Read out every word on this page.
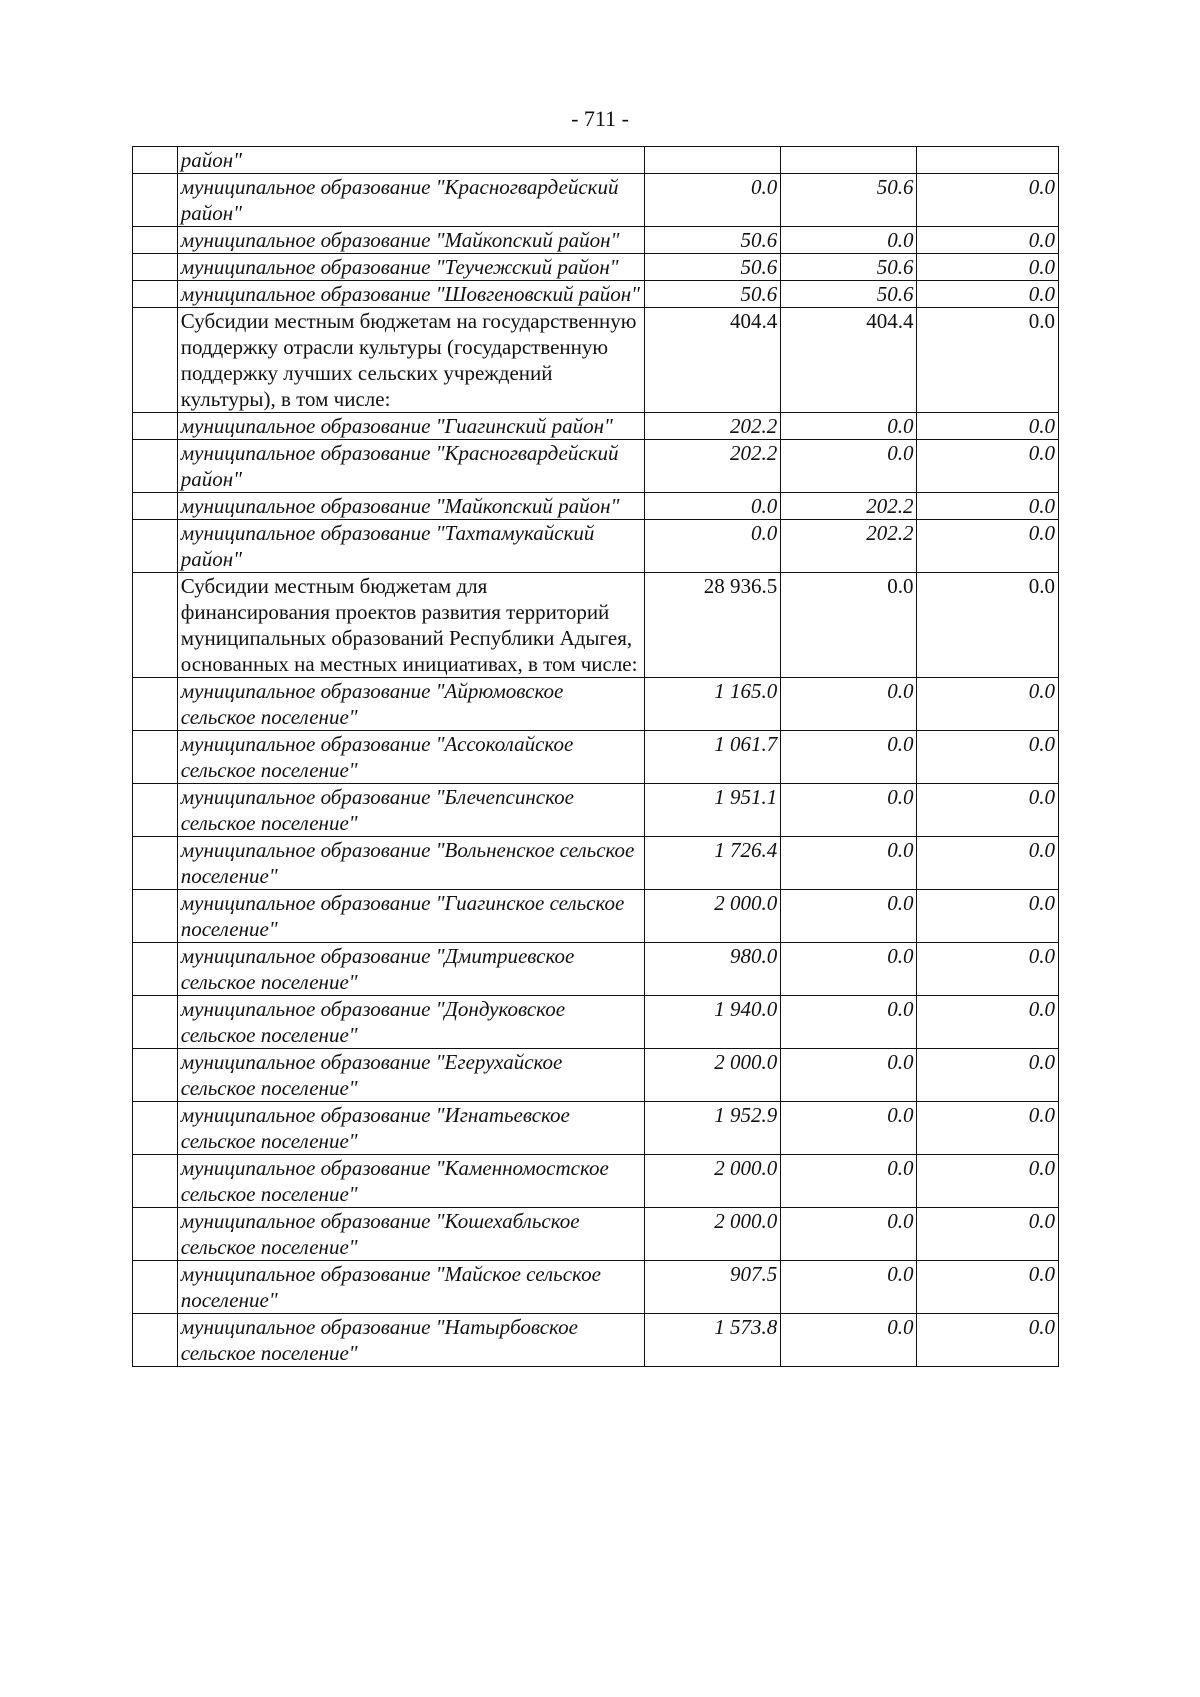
- 711 -
	район"			
	муниципальное образование "Красногвардейский район"	0.0	50.6	0.0
	муниципальное образование "Майкопский район"	50.6	0.0	0.0
	муниципальное образование "Теучежский район"	50.6	50.6	0.0
	муниципальное образование "Шовгеновский район"	50.6	50.6	0.0
	Субсидии местным бюджетам на государственную поддержку отрасли культуры (государственную поддержку лучших сельских учреждений культуры), в том числе:	404.4	404.4	0.0
	муниципальное образование "Гиагинский район"	202.2	0.0	0.0
	муниципальное образование "Красногвардейский район"	202.2	0.0	0.0
	муниципальное образование "Майкопский район"	0.0	202.2	0.0
	муниципальное образование "Тахтамукайский район"	0.0	202.2	0.0
	Субсидии местным бюджетам для финансирования проектов развития территорий муниципальных образований Республики Адыгея, основанных на местных инициативах, в том числе:	28 936.5	0.0	0.0
	муниципальное образование "Айрюмовское сельское поселение"	1 165.0	0.0	0.0
	муниципальное образование "Ассоколайское сельское поселение"	1 061.7	0.0	0.0
	муниципальное образование "Блечепсинское сельское поселение"	1 951.1	0.0	0.0
	муниципальное образование "Вольненское сельское поселение"	1 726.4	0.0	0.0
	муниципальное образование "Гиагинское сельское поселение"	2 000.0	0.0	0.0
	муниципальное образование "Дмитриевское сельское поселение"	980.0	0.0	0.0
	муниципальное образование "Дондуковское сельское поселение"	1 940.0	0.0	0.0
	муниципальное образование "Егерухайское сельское поселение"	2 000.0	0.0	0.0
	муниципальное образование "Игнатьевское сельское поселение"	1 952.9	0.0	0.0
	муниципальное образование "Каменномостское сельское поселение"	2 000.0	0.0	0.0
	муниципальное образование "Кошехабльское сельское поселение"	2 000.0	0.0	0.0
	муниципальное образование "Майское сельское поселение"	907.5	0.0	0.0
	муниципальное образование "Натырбовское сельское поселение"	1 573.8	0.0	0.0
